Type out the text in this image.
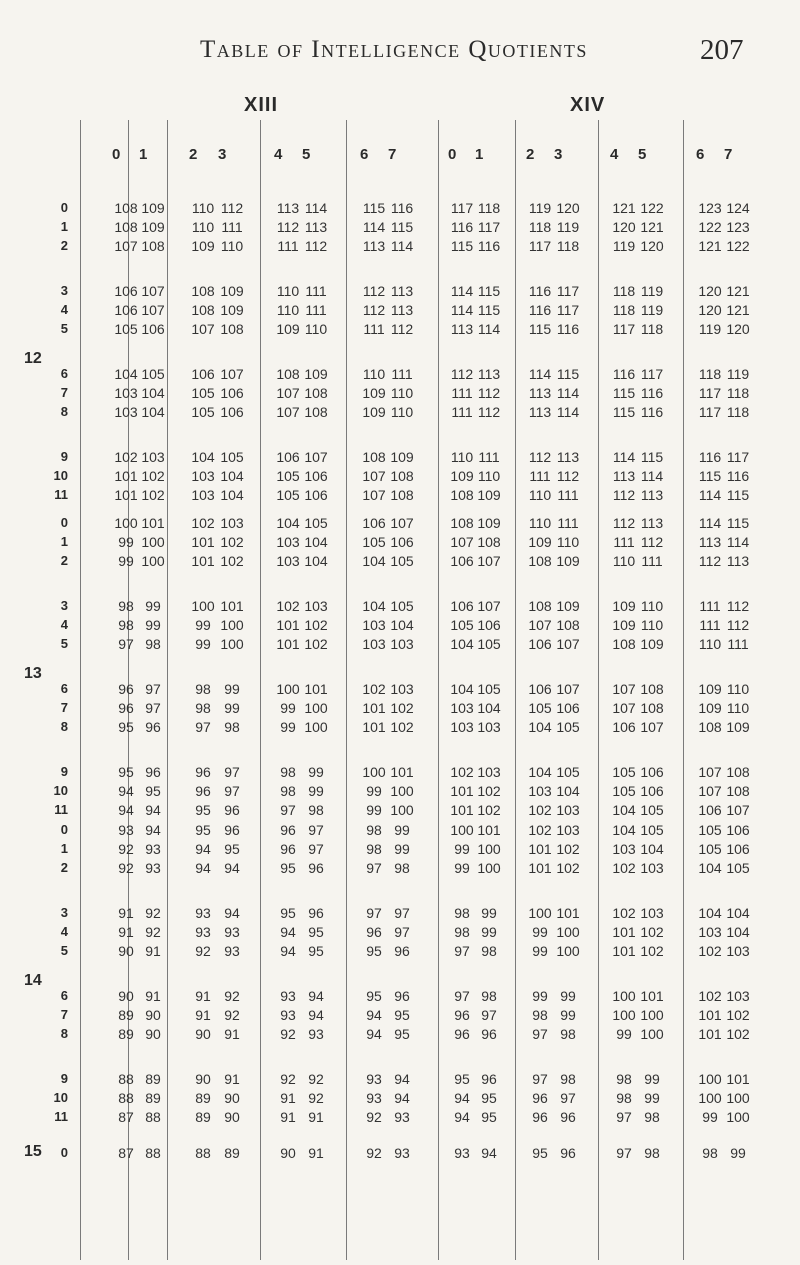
Table of Intelligence Quotients	207
XIII	XIV
0 1	2 3	4 5	6 7	0 1	2 3	4 5	6 7
0	108 109	110 112	113 114	115 116	117 118	119 120	121 122	123 124
1	108 109	110 111	112 113	114 115	116 117	118 119	120 121	122 123
2	107 108	109 110	111 112	113 114	115 116	117 118	119 120	121 122
3	106 107	108 109	110 111	112 113	114 115	116 117	118 119	120 121
4	106 107	108 109	110 111	112 113	114 115	116 117	118 119	120 121
5	105 106	107 108	109 110	111 112	113 114	115 116	117 118	119 120
6	104 105	106 107	108 109	110 111	112 113	114 115	116 117	118 119
7	103 104	105 106	107 108	109 110	111 112	113 114	115 116	117 118
8	103 104	105 106	107 108	109 110	111 112	113 114	115 116	117 118
9	102 103	104 105	106 107	108 109	110 111	112 113	114 115	116 117
10	101 102	103 104	105 106	107 108	109 110	111 112	113 114	115 116
11	101 102	103 104	105 106	107 108	108 109	110 111	112 113	114 115
12
0	100 101	102 103	104 105	106 107	108 109	110 111	112 113	114 115
1	99 100	101 102	103 104	105 106	107 108	109 110	111 112	113 114
2	99 100	101 102	103 104	104 105	106 107	108 109	110 111	112 113
3	98 99	100 101	102 103	104 105	106 107	108 109	109 110	111 112
4	98 99	99 100	101 102	103 104	105 106	107 108	109 110	111 112
5	97 98	99 100	101 102	103 103	104 105	106 107	108 109	110 111
6	96 97	98 99	100 101	102 103	104 105	106 107	107 108	109 110
7	96 97	98 99	99 100	101 102	103 104	105 106	107 108	109 110
8	95 96	97 98	99 100	101 102	103 103	104 105	106 107	108 109
9	95 96	96 97	98 99	100 101	102 103	104 105	105 106	107 108
10	94 95	96 97	98 99	99 100	101 102	103 104	105 106	107 108
11	94 94	95 96	97 98	99 100	101 102	102 103	104 105	106 107
13
0	93 94	95 96	96 97	98 99	100 101	102 103	104 105	105 106
1	92 93	94 95	96 97	98 99	99 100	101 102	103 104	105 106
2	92 93	94 94	95 96	97 98	99 100	101 102	102 103	104 105
3	91 92	93 94	95 96	97 97	98 99	100 101	102 103	104 104
4	91 92	93 93	94 95	96 97	98 99	99 100	101 102	103 104
5	90 91	92 93	94 95	95 96	97 98	99 100	101 102	102 103
6	90 91	91 92	93 94	95 96	97 98	99 99	100 101	102 103
7	89 90	91 92	93 94	94 95	96 97	98 99	100 100	101 102
8	89 90	90 91	92 93	94 95	96 96	97 98	99 100	101 102
9	88 89	90 91	92 92	93 94	95 96	97 98	98 99	100 101
10	88 89	89 90	91 92	93 94	94 95	96 97	98 99	100 100
11	87 88	89 90	91 91	92 93	94 95	96 96	97 98	99 100
14
0	87 88	88 89	90 91	92 93	93 94	95 96	97 98	98 99
15
